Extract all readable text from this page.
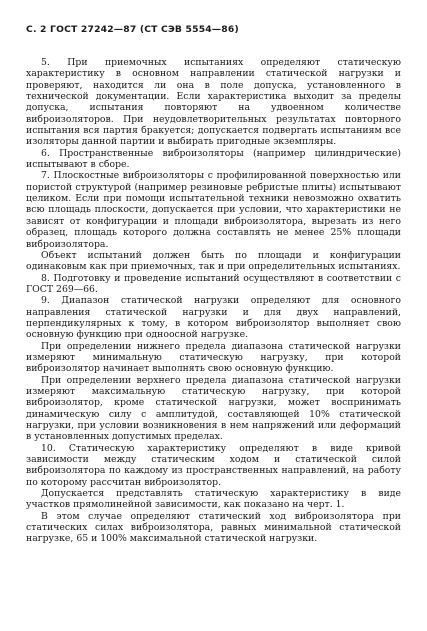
С. 2 ГОСТ 27242—87 (СТ СЭВ 5554—86)

5. При приемочных испытаниях определяют статическую характеристику в основном направлении статической нагрузки и проверяют, находится ли она в поле допуска, установленного в технической документации. Если характеристика выходит за пределы допуска, испытания повторяют на удвоенном количестве виброизоляторов. При неудовлетворительных результатах повторного испытания вся партия бракуется; допускается подвергать испытаниям все изоляторы данной партии и выбирать пригодные экземпляры.

6. Пространственные виброизоляторы (например цилиндрические) испытывают в сборе.

7. Плоскостные виброизоляторы с профилированной поверхностью или пористой структурой (например резиновые ребристые плиты) испытывают целиком. Если при помощи испытательной техники невозможно охватить всю площадь плоскости, допускается при условии, что характеристики не зависят от конфигурации и площади виброизолятора, вырезать из него образец, площадь которого должна составлять не менее 25% площади виброизолятора.

Объект испытаний должен быть по площади и конфигурации одинаковым как при приемочных, так и при определительных испытаниях.

8. Подготовку и проведение испытаний осуществляют в соответствии с ГОСТ 269—66.

9. Диапазон статической нагрузки определяют для основного направления статической нагрузки и для двух направлений, перпендикулярных к тому, в котором виброизолятор выполняет свою основную функцию при одноосной нагрузке.

При определении нижнего предела диапазона статической нагрузки измеряют минимальную статическую нагрузку, при которой виброизолятор начинает выполнять свою основную функцию.

При определении верхнего предела диапазона статической нагрузки измеряют максимальную статическую нагрузку, при которой виброизолятор, кроме статической нагрузки, может воспринимать динамическую силу с амплитудой, составляющей 10% статической нагрузки, при условии возникновения в нем напряжений или деформаций в установленных допустимых пределах.

10. Статическую характеристику определяют в виде кривой зависимости между статическим ходом и статической силой виброизолятора по каждому из пространственных направлений, на работу по которому рассчитан виброизолятор.

Допускается представлять статическую характеристику в виде участков прямолинейной зависимости, как показано на черт. 1.

В этом случае определяют статический ход виброизолятора при статических силах виброизолятора, равных минимальной статической нагрузке, 65 и 100% максимальной статической нагрузки.
